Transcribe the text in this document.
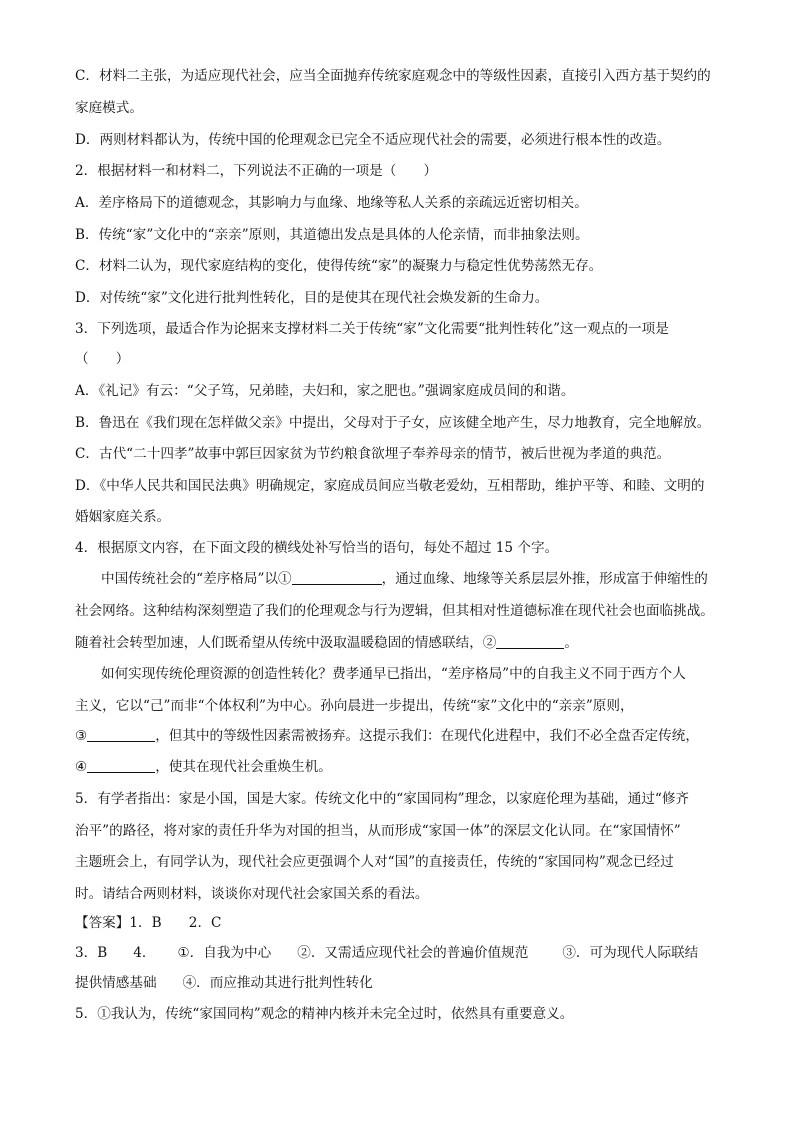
C．材料二主张，为适应现代社会，应当全面抛弃传统家庭观念中的等级性因素，直接引入西方基于契约的
家庭模式。
D．两则材料都认为，传统中国的伦理观念已完全不适应现代社会的需要，必须进行根本性的改造。
2．根据材料一和材料二，下列说法不正确的一项是（　　）
A．差序格局下的道德观念，其影响力与血缘、地缘等私人关系的亲疏远近密切相关。
B．传统“家”文化中的“亲亲”原则，其道德出发点是具体的人伦亲情，而非抽象法则。
C．材料二认为，现代家庭结构的变化，使得传统“家”的凝聚力与稳定性优势荡然无存。
D．对传统“家”文化进行批判性转化，目的是使其在现代社会焕发新的生命力。
3．下列选项，最适合作为论据来支撑材料二关于传统“家”文化需要“批判性转化”这一观点的一项是
（　　）
A．《礼记》有云：“父子笃，兄弟睦，夫妇和，家之肥也。”强调家庭成员间的和谐。
B．鲁迅在《我们现在怎样做父亲》中提出，父母对于子女，应该健全地产生，尽力地教育，完全地解放。
C．古代“二十四孝”故事中郭巨因家贫为节约粮食欲埋子奉养母亲的情节，被后世视为孝道的典范。
D．《中华人民共和国民法典》明确规定，家庭成员间应当敬老爱幼，互相帮助，维护平等、和睦、文明的
婚姻家庭关系。
4．根据原文内容，在下面文段的横线处补写恰当的语句，每处不超过 15 个字。
中国传统社会的“差序格局”以①	，通过血缘、地缘等关系层层外推，形成富于伸缩性的
社会网络。这种结构深刻塑造了我们的伦理观念与行为逻辑，但其相对性道德标准在现代社会也面临挑战。
随着社会转型加速，人们既希望从传统中汲取温暖稳固的情感联结，②	。
如何实现传统伦理资源的创造性转化？费孝通早已指出，“差序格局”中的自我主义不同于西方个人
主义，它以“己”而非“个体权利”为中心。孙向晨进一步提出，传统“家”文化中的“亲亲”原则，
③	，但其中的等级性因素需被扬弃。这提示我们：在现代化进程中，我们不必全盘否定传统，
④	，使其在现代社会重焕生机。
5．有学者指出：家是小国，国是大家。传统文化中的“家国同构”理念，以家庭伦理为基础，通过“修齐
治平”的路径，将对家的责任升华为对国的担当，从而形成“家国一体”的深层文化认同。在“家国情怀”
主题班会上，有同学认为，现代社会应更强调个人对“国”的直接责任，传统的“家国同构”观念已经过
时。请结合两则材料，谈谈你对现代社会家国关系的看法。
【答案】1．B　　2．C
3．B 4． ①．自我为中心 ②．又需适应现代社会的普遍价值规范	③．可为现代人际联结
提供情感基础 ④．而应推动其进行批判性转化
5．①我认为，传统“家国同构”观念的精神内核并未完全过时，依然具有重要意义。
